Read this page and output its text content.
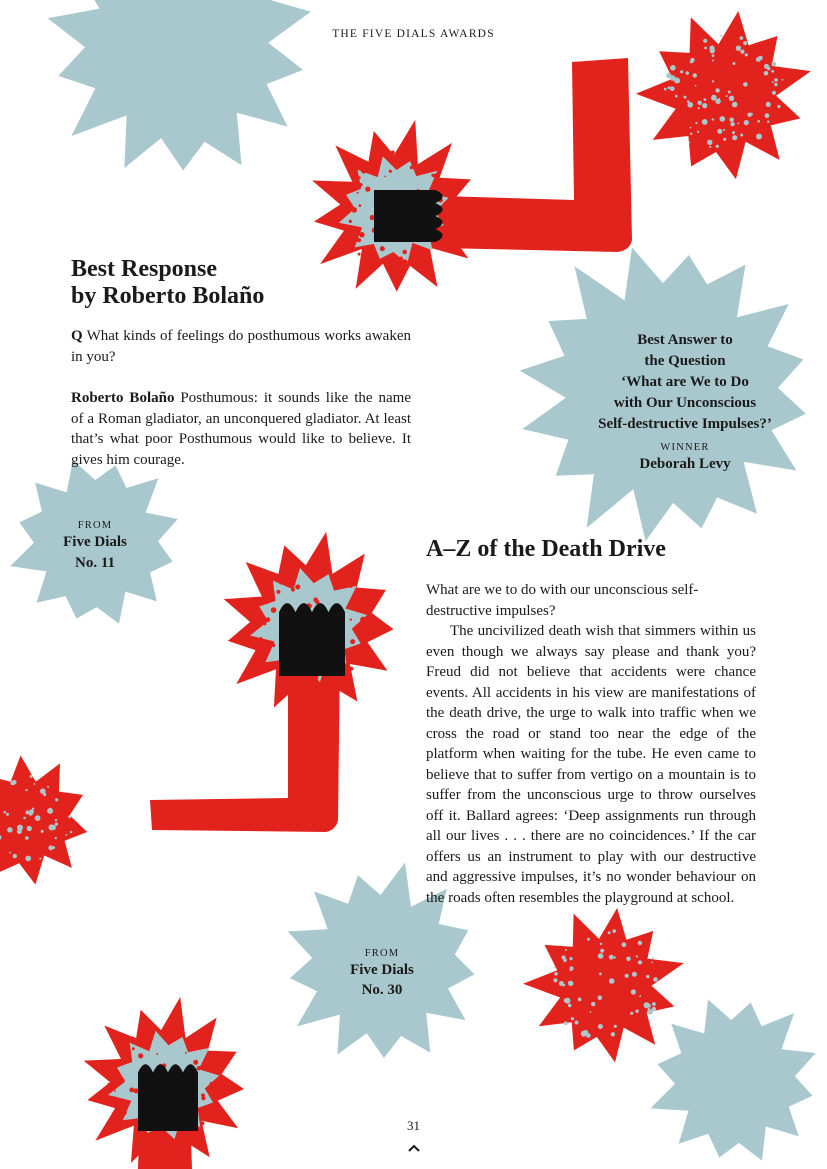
THE FIVE DIALS AWARDS
Best Response
by Roberto Bolaño
Q What kinds of feelings do posthumous works awaken in you?
Roberto Bolaño Posthumous: it sounds like the name of a Roman gladiator, an unconquered gladiator. At least that’s what poor Posthumous would like to believe. It gives him courage.
Best Answer to
the Question
‘What are We to Do
with Our Unconscious
Self-destructive Impulses?’
WINNER
Deborah Levy
FROM
Five Dials
No. 11
A–Z of the Death Drive

What are we to do with our unconscious self-destructive impulses?

The uncivilized death wish that simmers within us even though we always say please and thank you? Freud did not believe that accidents were chance events. All accidents in his view are manifestations of the death drive, the urge to walk into traffic when we cross the road or stand too near the edge of the platform when waiting for the tube. He even came to believe that to suffer from vertigo on a mountain is to suffer from the unconscious urge to throw ourselves off it. Ballard agrees: ‘Deep assignments run through all our lives . . . there are no coincidences.’ If the car offers us an instrument to play with our destructive and aggressive impulses, it’s no wonder behaviour on the roads often resembles the playground at school.

FROM
Five Dials
No. 30
31
